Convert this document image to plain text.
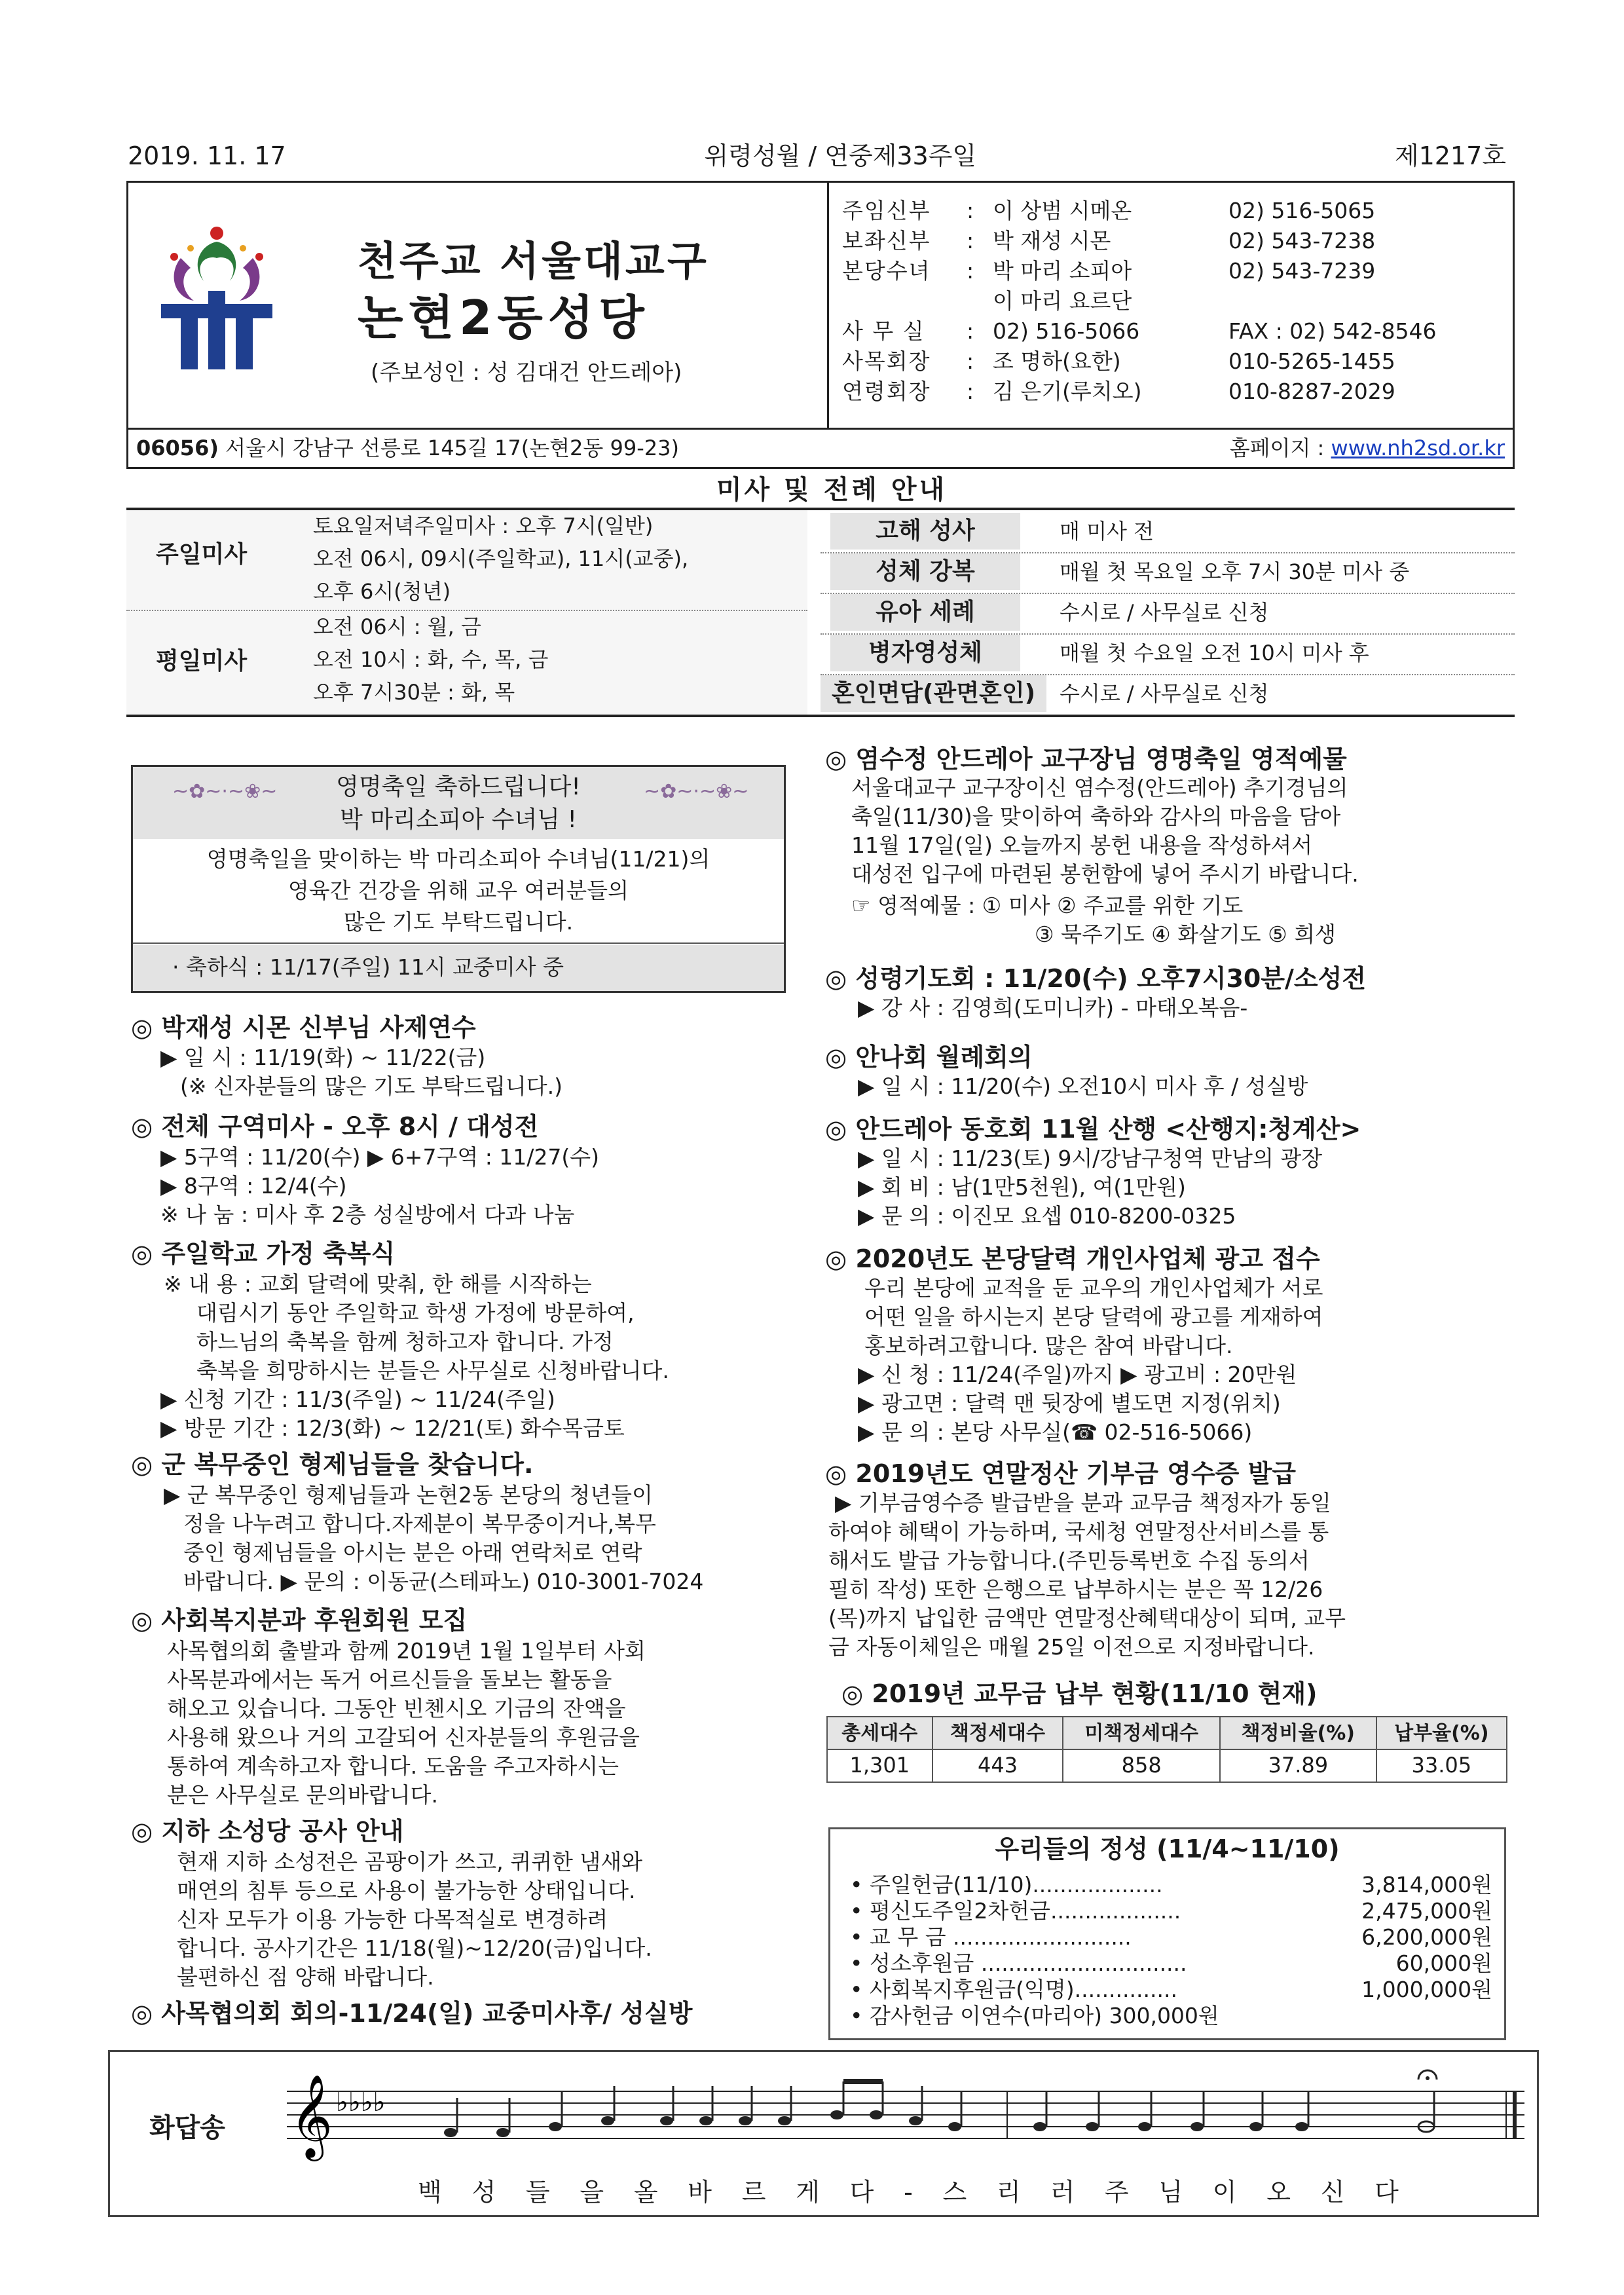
2019. 11. 17	위령성월 / 연중제33주일	제1217호
천주교 서울대교구
논현2동성당
(주보성인 : 성 김대건 안드레아)
주임신부	: 이 상범 시메온	02) 516-5065
보좌신부	: 박 재성 시몬	02) 543-7238
본당수녀	: 박 마리 소피아	02) 543-7239
이 마리 요르단
사 무 실	: 02) 516-5066	FAX : 02) 542-8546
사목회장	: 조 명하(요한)	010-5265-1455
연령회장	: 김 은기(루치오)	010-8287-2029
06056) 서울시 강남구 선릉로 145길 17(논현2동 99-23)	홈페이지 : www.nh2sd.or.kr
미사 및 전례 안내
주일미사
토요일저녁주일미사 : 오후 7시(일반)
오전 06시, 09시(주일학교), 11시(교중),
오후 6시(청년)
평일미사
오전 06시 : 월, 금
오전 10시 : 화, 수, 목, 금
오후 7시30분 : 화, 목
고해 성사	매 미사 전
성체 강복	매월 첫 목요일 오후 7시 30분 미사 중
유아 세례	수시로 / 사무실로 신청
병자영성체	매월 첫 수요일 오전 10시 미사 후
혼인면담(관면혼인)	수시로 / 사무실로 신청
~✿~·~❀~	~✿~·~❀~
영명축일 축하드립니다!
박 마리소피아 수녀님 !
영명축일을 맞이하는 박 마리소피아 수녀님(11/21)의
영육간 건강을 위해 교우 여러분들의
많은 기도 부탁드립니다.
· 축하식 : 11/17(주일) 11시 교중미사 중
◎ 박재성 시몬 신부님 사제연수
▶ 일 시 : 11/19(화) ~ 11/22(금)
(※ 신자분들의 많은 기도 부탁드립니다.)
◎ 전체 구역미사 - 오후 8시 / 대성전
▶ 5구역 : 11/20(수) ▶ 6+7구역 : 11/27(수)
▶ 8구역 : 12/4(수)
※ 나 눔 : 미사 후 2층 성실방에서 다과 나눔
◎ 주일학교 가정 축복식
※ 내 용 : 교회 달력에 맞춰, 한 해를 시작하는
대림시기 동안 주일학교 학생 가정에 방문하여,
하느님의 축복을 함께 청하고자 합니다. 가정
축복을 희망하시는 분들은 사무실로 신청바랍니다.
▶ 신청 기간 : 11/3(주일) ~ 11/24(주일)
▶ 방문 기간 : 12/3(화) ~ 12/21(토) 화수목금토
◎ 군 복무중인 형제님들을 찾습니다.
▶ 군 복무중인 형제님들과 논현2동 본당의 청년들이
정을 나누려고 합니다.자제분이 복무중이거나,복무
중인 형제님들을 아시는 분은 아래 연락처로 연락
바랍니다. ▶ 문의 : 이동균(스테파노) 010-3001-7024
◎ 사회복지분과 후원회원 모집
사목협의회 출발과 함께 2019년 1월 1일부터 사회
사목분과에서는 독거 어르신들을 돌보는 활동을
해오고 있습니다. 그동안 빈첸시오 기금의 잔액을
사용해 왔으나 거의 고갈되어 신자분들의 후원금을
통하여 계속하고자 합니다. 도움을 주고자하시는
분은 사무실로 문의바랍니다.
◎ 지하 소성당 공사 안내
현재 지하 소성전은 곰팡이가 쓰고, 퀴퀴한 냄새와
매연의 침투 등으로 사용이 불가능한 상태입니다.
신자 모두가 이용 가능한 다목적실로 변경하려
합니다. 공사기간은 11/18(월)~12/20(금)입니다.
불편하신 점 양해 바랍니다.
◎ 사목협의회 회의-11/24(일) 교중미사후/ 성실방
◎ 염수정 안드레아 교구장님 영명축일 영적예물
서울대교구 교구장이신 염수정(안드레아) 추기경님의
축일(11/30)을 맞이하여 축하와 감사의 마음을 담아
11월 17일(일) 오늘까지 봉헌 내용을 작성하셔서
대성전 입구에 마련된 봉헌함에 넣어 주시기 바랍니다.
☞ 영적예물 : ① 미사 ② 주교를 위한 기도
③ 묵주기도 ④ 화살기도 ⑤ 희생
◎ 성령기도회 : 11/20(수) 오후7시30분/소성전
▶ 강 사 : 김영희(도미니카) - 마태오복음-
◎ 안나회 월례회의
▶ 일 시 : 11/20(수) 오전10시 미사 후 / 성실방
◎ 안드레아 동호회 11월 산행 <산행지:청계산>
▶ 일 시 : 11/23(토) 9시/강남구청역 만남의 광장
▶ 회 비 : 남(1만5천원), 여(1만원)
▶ 문 의 : 이진모 요셉 010-8200-0325
◎ 2020년도 본당달력 개인사업체 광고 접수
우리 본당에 교적을 둔 교우의 개인사업체가 서로
어떤 일을 하시는지 본당 달력에 광고를 게재하여
홍보하려고합니다. 많은 참여 바랍니다.
▶ 신 청 : 11/24(주일)까지 ▶ 광고비 : 20만원
▶ 광고면 : 달력 맨 뒷장에 별도면 지정(위치)
▶ 문 의 : 본당 사무실(☎ 02-516-5066)
◎ 2019년도 연말정산 기부금 영수증 발급
▶ 기부금영수증 발급받을 분과 교무금 책정자가 동일
하여야 혜택이 가능하며, 국세청 연말정산서비스를 통
해서도 발급 가능합니다.(주민등록번호 수집 동의서
필히 작성) 또한 은행으로 납부하시는 분은 꼭 12/26
(목)까지 납입한 금액만 연말정산혜택대상이 되며, 교무
금 자동이체일은 매월 25일 이전으로 지정바랍니다.
◎ 2019년 교무금 납부 현황(11/10 현재)
총세대수	책정세대수	미책정세대수	책정비율(%)	납부율(%)
1,301	443	858	37.89	33.05
우리들의 정성 (11/4~11/10)
• 주일헌금(11/10)...................	3,814,000원
• 평신도주일2차헌금...................	2,475,000원
• 교 무 금 ..........................	6,200,000원
• 성소후원금 ..............................	60,000원
• 사회복지후원금(익명)...............	1,000,000원
• 감사헌금 이연수(마리아) 300,000원
화답송 𝄞 ♭♭♭♭
백 성 들 을 올 바 르 게 다 - 스 리 러 주 님 이 오 신 다
